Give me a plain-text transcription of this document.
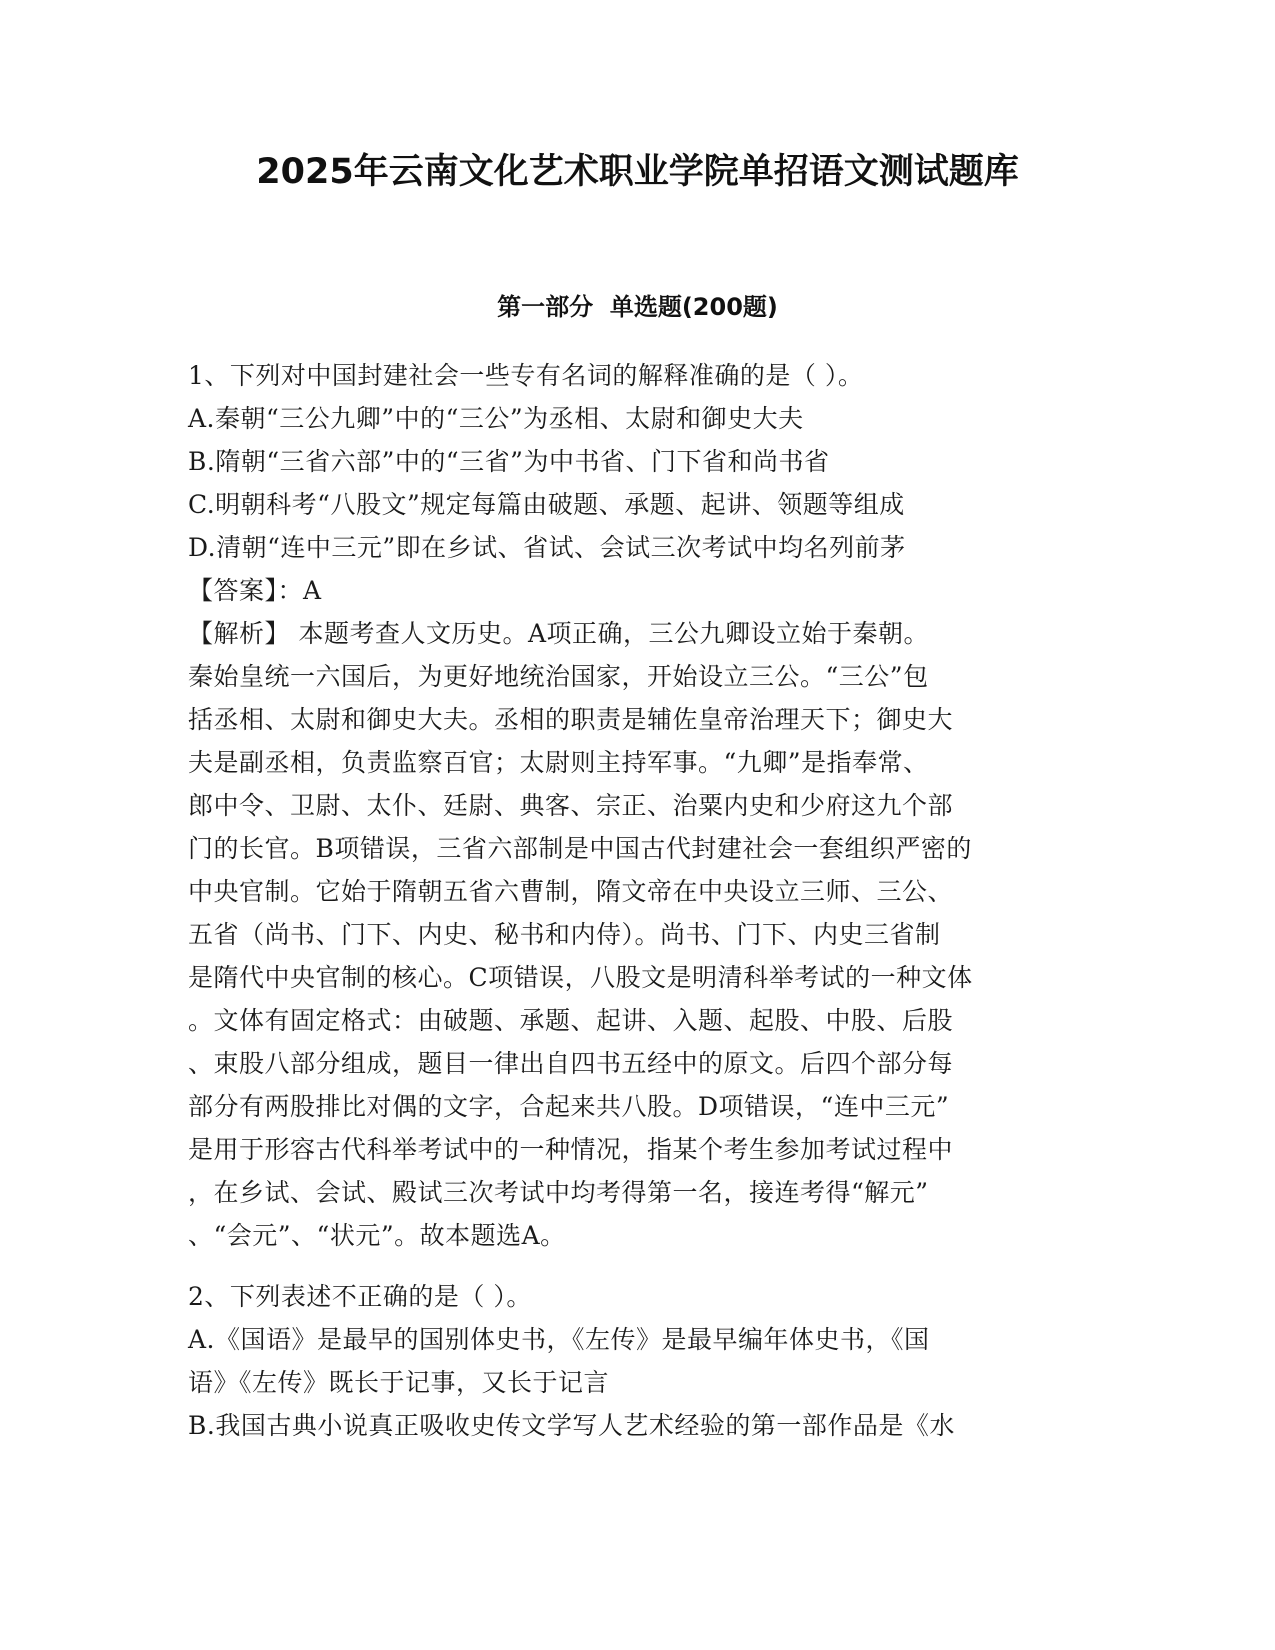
2025年云南文化艺术职业学院单招语文测试题库
第一部分  单选题(200题)
1、下列对中国封建社会一些专有名词的解释准确的是（ ）。
A.秦朝“三公九卿”中的“三公”为丞相、太尉和御史大夫
B.隋朝“三省六部”中的“三省”为中书省、门下省和尚书省
C.明朝科考“八股文”规定每篇由破题、承题、起讲、领题等组成
D.清朝“连中三元”即在乡试、省试、会试三次考试中均名列前茅
【答案】：A
【解析】 本题考查人文历史。A项正确，三公九卿设立始于秦朝。
秦始皇统一六国后，为更好地统治国家，开始设立三公。“三公”包
括丞相、太尉和御史大夫。丞相的职责是辅佐皇帝治理天下；御史大
夫是副丞相，负责监察百官；太尉则主持军事。“九卿”是指奉常、
郎中令、卫尉、太仆、廷尉、典客、宗正、治粟内史和少府这九个部
门的长官。B项错误，三省六部制是中国古代封建社会一套组织严密的
中央官制。它始于隋朝五省六曹制，隋文帝在中央设立三师、三公、
五省（尚书、门下、内史、秘书和内侍）。尚书、门下、内史三省制
是隋代中央官制的核心。C项错误，八股文是明清科举考试的一种文体
。文体有固定格式：由破题、承题、起讲、入题、起股、中股、后股
、束股八部分组成，题目一律出自四书五经中的原文。后四个部分每
部分有两股排比对偶的文字，合起来共八股。D项错误，“连中三元”
是用于形容古代科举考试中的一种情况，指某个考生参加考试过程中
，在乡试、会试、殿试三次考试中均考得第一名，接连考得“解元”
、“会元”、“状元”。故本题选A。
2、下列表述不正确的是（ ）。
A.《国语》是最早的国别体史书，《左传》是最早编年体史书，《国
语》《左传》既长于记事，又长于记言
B.我国古典小说真正吸收史传文学写人艺术经验的第一部作品是《水
